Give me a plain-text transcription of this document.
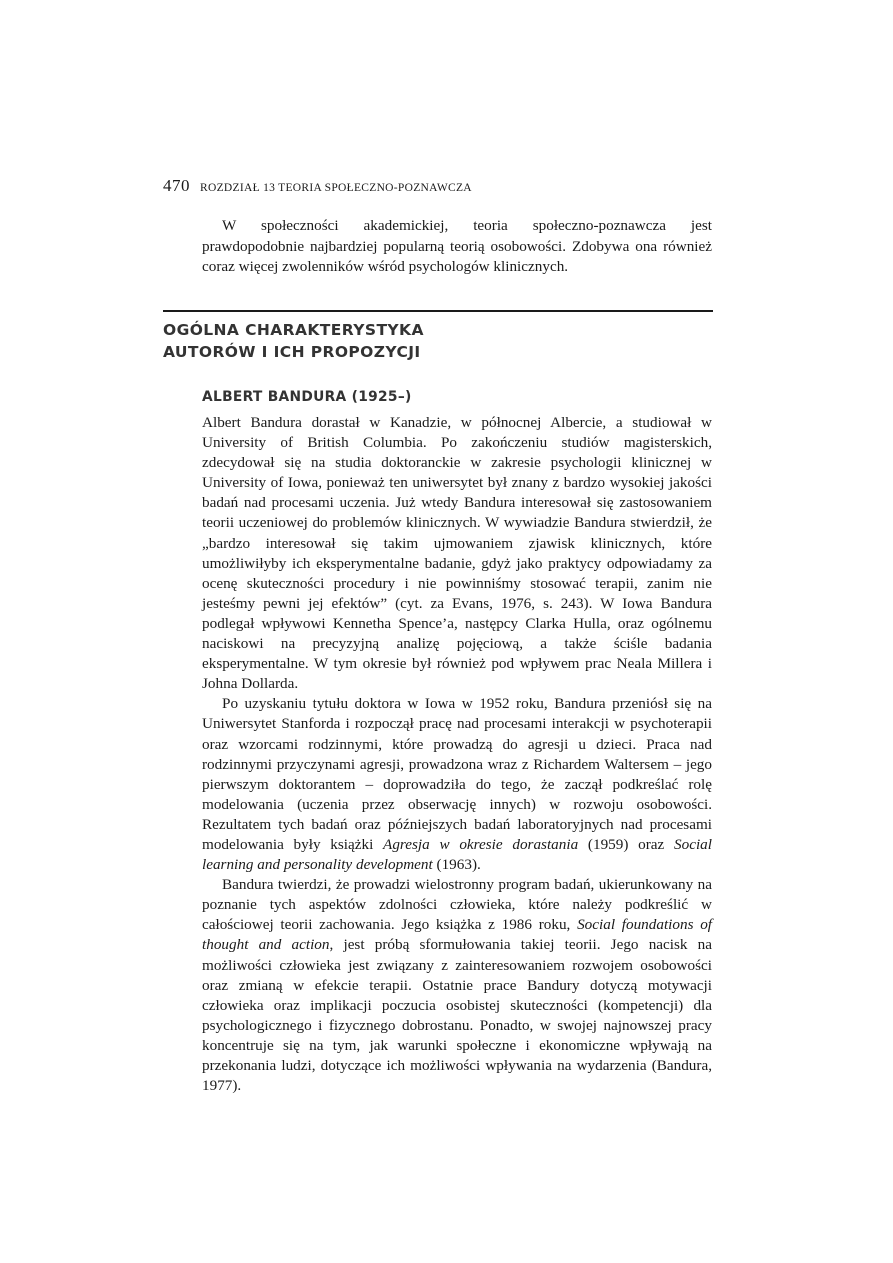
470 ROZDZIAŁ 13 TEORIA SPOŁECZNO-POZNAWCZA

W społeczności akademickiej, teoria społeczno-poznawcza jest prawdopodobnie najbardziej popularną teorią osobowości. Zdobywa ona również coraz więcej zwolenników wśród psychologów klinicznych.

OGÓLNA CHARAKTERYSTYKA
AUTORÓW I ICH PROPOZYCJI
ALBERT BANDURA (1925–)

Albert Bandura dorastał w Kanadzie, w północnej Albercie, a studiował w University of British Columbia. Po zakończeniu studiów magisterskich, zdecydował się na studia doktoranckie w zakresie psychologii klinicznej w University of Iowa, ponieważ ten uniwersytet był znany z bardzo wysokiej jakości badań nad procesami uczenia. Już wtedy Bandura interesował się zastosowaniem teorii uczeniowej do problemów klinicznych. W wywiadzie Bandura stwierdził, że „bardzo interesował się takim ujmowaniem zjawisk klinicznych, które umożliwiłyby ich eksperymentalne badanie, gdyż jako praktycy odpowiadamy za ocenę skuteczności procedury i nie powinniśmy stosować terapii, zanim nie jesteśmy pewni jej efektów” (cyt. za Evans, 1976, s. 243). W Iowa Bandura podlegał wpływowi Kennetha Spence’a, następcy Clarka Hulla, oraz ogólnemu naciskowi na precyzyjną analizę pojęciową, a także ściśle badania eksperymentalne. W tym okresie był również pod wpływem prac Neala Millera i Johna Dollarda.

Po uzyskaniu tytułu doktora w Iowa w 1952 roku, Bandura przeniósł się na Uniwersytet Stanforda i rozpoczął pracę nad procesami interakcji w psychoterapii oraz wzorcami rodzinnymi, które prowadzą do agresji u dzieci. Praca nad rodzinnymi przyczynami agresji, prowadzona wraz z Richardem Waltersem – jego pierwszym doktorantem – doprowadziła do tego, że zaczął podkreślać rolę modelowania (uczenia przez obserwację innych) w rozwoju osobowości. Rezultatem tych badań oraz późniejszych badań laboratoryjnych nad procesami modelowania były książki Agresja w okresie dorastania (1959) oraz Social learning and personality development (1963).

Bandura twierdzi, że prowadzi wielostronny program badań, ukierunkowany na poznanie tych aspektów zdolności człowieka, które należy podkreślić w całościowej teorii zachowania. Jego książka z 1986 roku, Social foundations of thought and action, jest próbą sformułowania takiej teorii. Jego nacisk na możliwości człowieka jest związany z zainteresowaniem rozwojem osobowości oraz zmianą w efekcie terapii. Ostatnie prace Bandury dotyczą motywacji człowieka oraz implikacji poczucia osobistej skuteczności (kompetencji) dla psychologicznego i fizycznego dobrostanu. Ponadto, w swojej najnowszej pracy koncentruje się na tym, jak warunki społeczne i ekonomiczne wpływają na przekonania ludzi, dotyczące ich możliwości wpływania na wydarzenia (Bandura, 1977).
